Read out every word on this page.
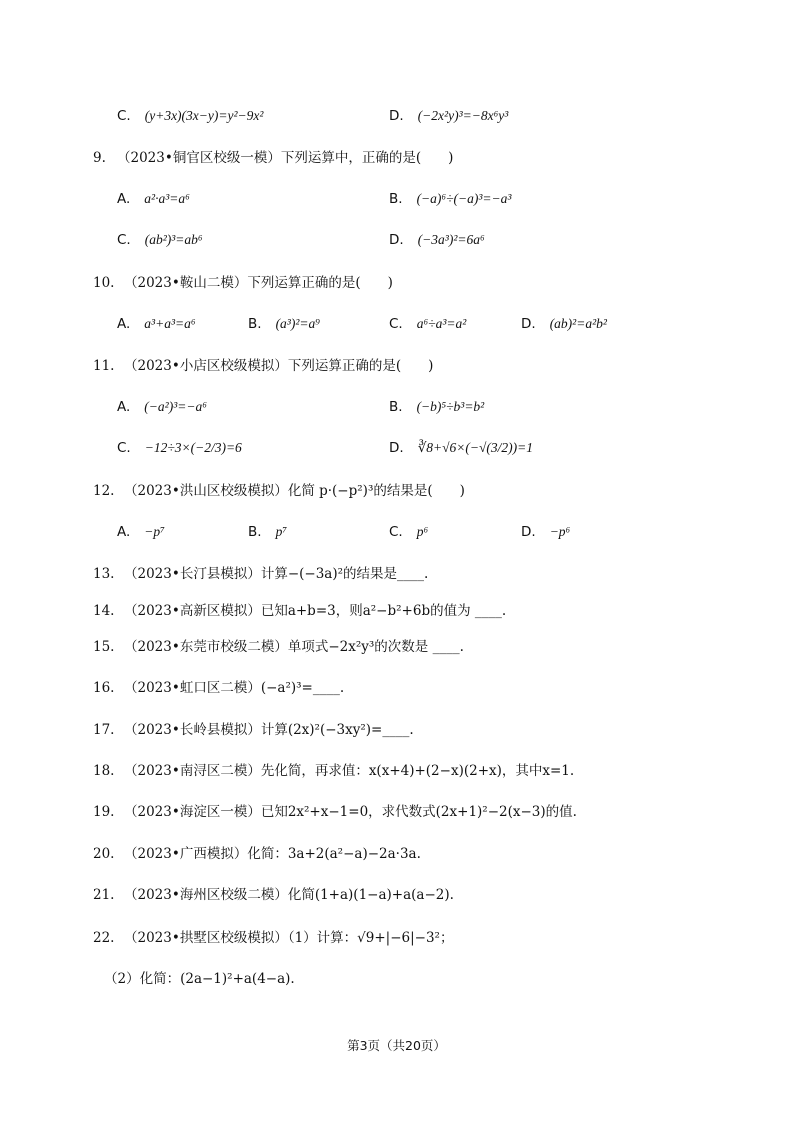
C. (y+3x)(3x−y)=y²−9x²	D. (−2x²y)³=−8x⁶y³
9. （2023•铜官区校级一模）下列运算中，正确的是(　　)
A. a²·a³=a⁶	B. (−a)⁶÷(−a)³=−a³
C. (ab²)³=ab⁶	D. (−3a³)²=6a⁶
10. （2023•鞍山二模）下列运算正确的是(　　)
A. a³+a³=a⁶	B. (a³)²=a⁹	C. a⁶÷a³=a²	D. (ab)²=a²b²
11. （2023•小店区校级模拟）下列运算正确的是(　　)
A. (−a²)³=−a⁶	B. (−b)⁵÷b³=b²
C. −12÷3×(−2/3)=6	D. ∛8+√6×(−√(3/2))=1
12. （2023•洪山区校级模拟）化简 p·(−p²)³的结果是(　　)
A. −p⁷	B. p⁷	C. p⁶	D. −p⁶
13. （2023•长汀县模拟）计算−(−3a)²的结果是____.
14. （2023•高新区模拟）已知a+b=3，则a²−b²+6b的值为 ____.
15. （2023•东莞市校级二模）单项式−2x²y³的次数是 ____.
16. （2023•虹口区二模）(−a²)³=____.
17. （2023•长岭县模拟）计算(2x)²(−3xy²)=____.
18. （2023•南浔区二模）先化简，再求值：x(x+4)+(2−x)(2+x)，其中x=1.
19. （2023•海淀区一模）已知2x²+x−1=0，求代数式(2x+1)²−2(x−3)的值.
20. （2023•广西模拟）化简：3a+2(a²−a)−2a·3a.
21. （2023•海州区校级二模）化简(1+a)(1−a)+a(a−2).
22. （2023•拱墅区校级模拟）（1）计算：√9+|−6|−3²；
（2）化简：(2a−1)²+a(4−a).
第3页（共20页）
